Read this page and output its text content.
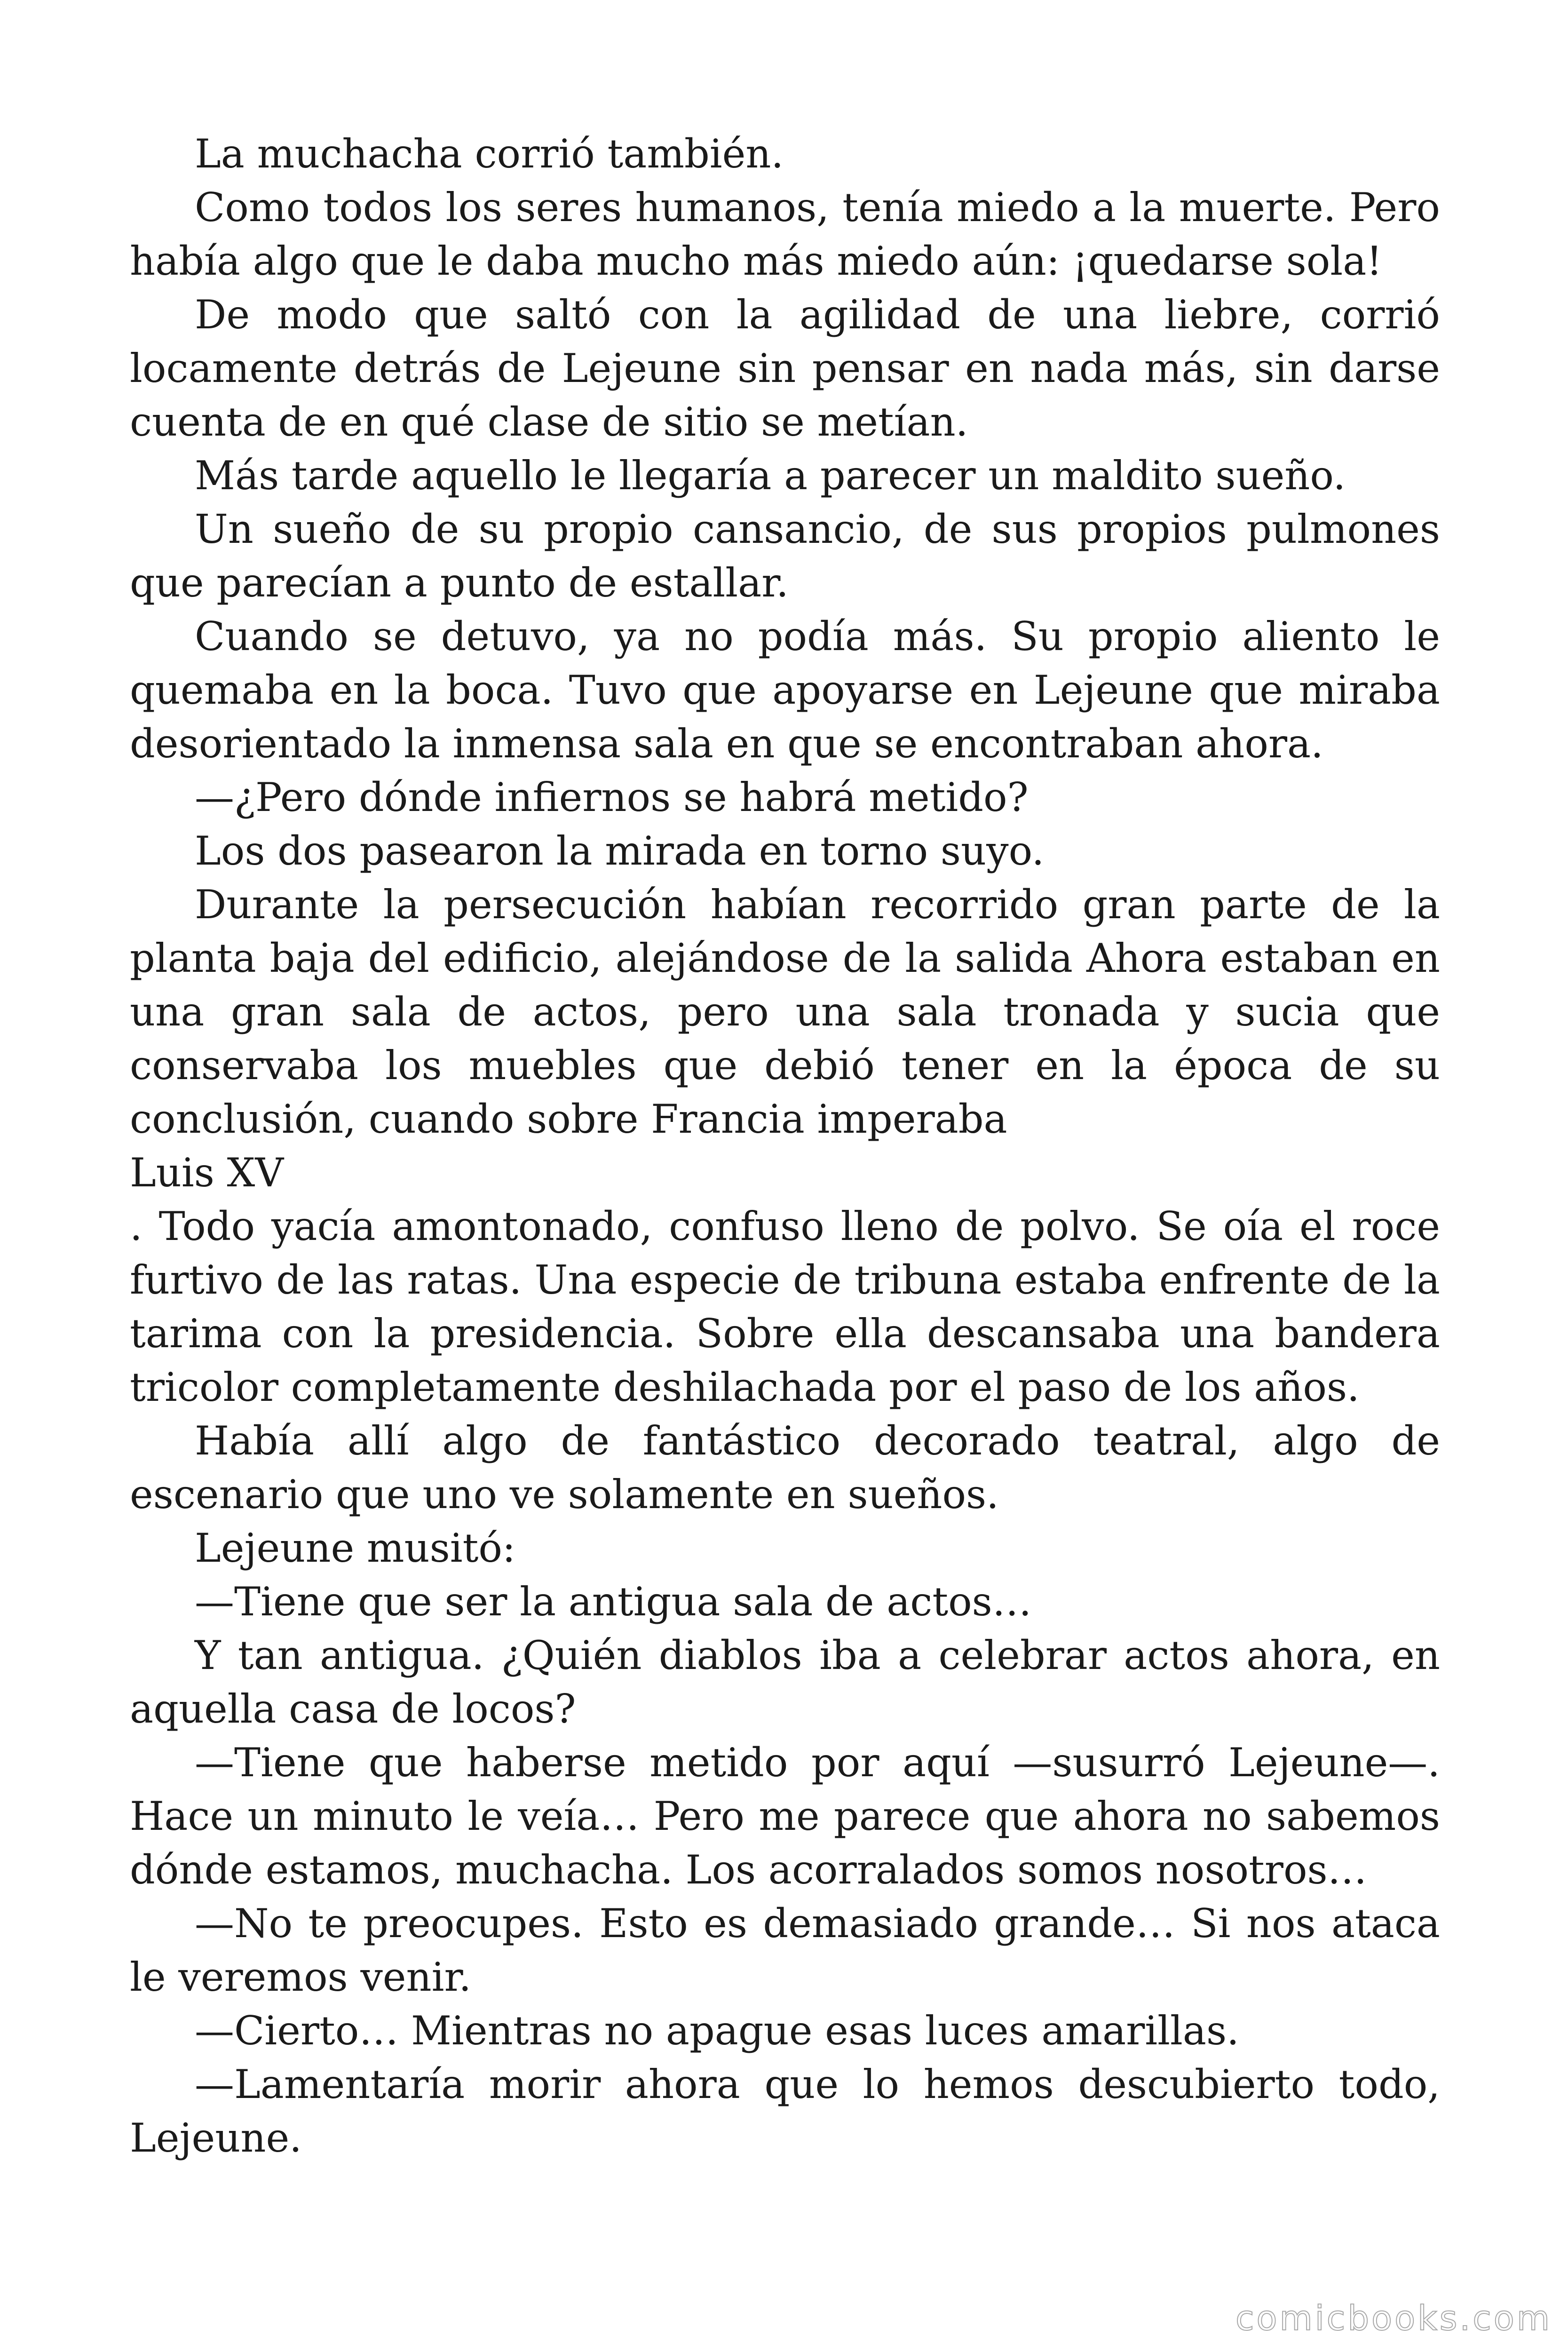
La muchacha corrió también.

Como todos los seres humanos, tenía miedo a la muerte. Pero había algo que le daba mucho más miedo aún: ¡quedarse sola!

De modo que saltó con la agilidad de una liebre, corrió locamente detrás de Lejeune sin pensar en nada más, sin darse cuenta de en qué clase de sitio se metían.

Más tarde aquello le llegaría a parecer un maldito sueño.

Un sueño de su propio cansancio, de sus propios pulmones que parecían a punto de estallar.

Cuando se detuvo, ya no podía más. Su propio aliento le quemaba en la boca. Tuvo que apoyarse en Lejeune que miraba desorientado la inmensa sala en que se encontraban ahora.

—¿Pero dónde infiernos se habrá metido?

Los dos pasearon la mirada en torno suyo.

Durante la persecución habían recorrido gran parte de la planta baja del edificio, alejándose de la salida Ahora estaban en una gran sala de actos, pero una sala tronada y sucia que conservaba los muebles que debió tener en la época de su conclusión, cuando sobre Francia imperaba

Luis XV

. Todo yacía amontonado, confuso lleno de polvo. Se oía el roce furtivo de las ratas. Una especie de tribuna estaba enfrente de la tarima con la presidencia. Sobre ella descansaba una bandera tricolor completamente deshilachada por el paso de los años.

Había allí algo de fantástico decorado teatral, algo de escenario que uno ve solamente en sueños.

Lejeune musitó:

—Tiene que ser la antigua sala de actos…

Y tan antigua. ¿Quién diablos iba a celebrar actos ahora, en aquella casa de locos?

—Tiene que haberse metido por aquí —susurró Lejeune—. Hace un minuto le veía… Pero me parece que ahora no sabemos dónde estamos, muchacha. Los acorralados somos nosotros…

—No te preocupes. Esto es demasiado grande… Si nos ataca le veremos venir.

—Cierto… Mientras no apague esas luces amarillas.

—Lamentaría morir ahora que lo hemos descubierto todo, Lejeune.

comicbooks.com
